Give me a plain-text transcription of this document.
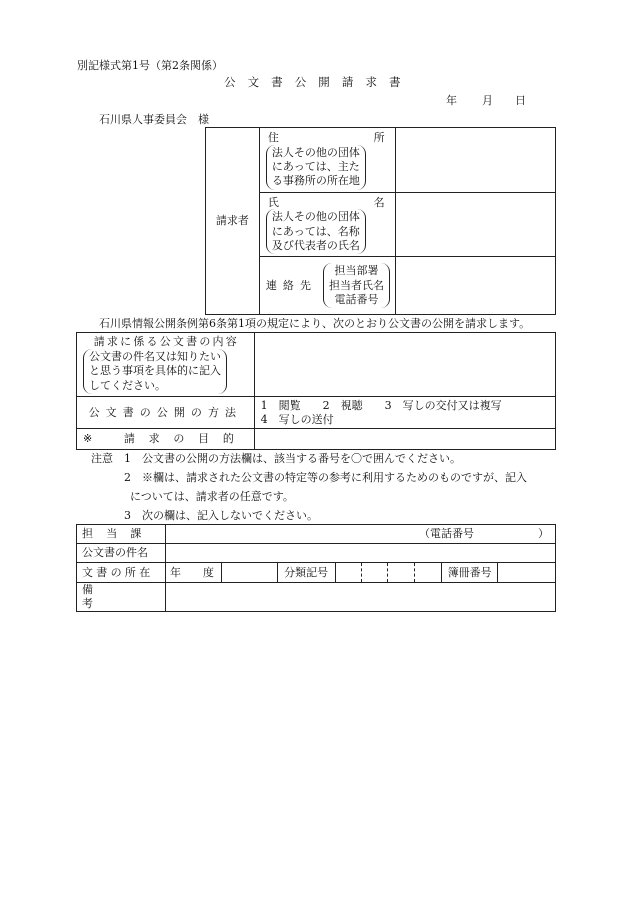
別記様式第1号（第2条関係）
公文書公開請求書
年 月 日
石川県人事委員会　様
請求者	住 所
法人その他の団体
にあっては、主た
る事務所の所在地	

	氏 名
法人その他の団体
にあっては、名称
及び代表者の氏名	

	連絡先
担当部署
担当者氏名
電話番号	

石川県情報公開条例第6条第1項の規定により、次のとおり公文書の公開を請求します。
請求に係る公文書の内容
公文書の件名又は知りたい
と思う事項を具体的に記入
してください。	

公文書の公開の方法	1　閲覧　　2　視聴　　3　写しの交付又は複写
4　写しの送付

※ 請求の目的	

注意 1　公文書の公開の方法欄は、該当する番号を〇で囲んでください。
2　※欄は、請求された公文書の特定等の参考に利用するためのものですが、記入
については、請求者の任意です。
3　次の欄は、記入しないでください。
担当課	（電話番号 ）								

公文書の件名									
文書の所在	年　　度		分類記号					簿冊番号	
備　　考									
